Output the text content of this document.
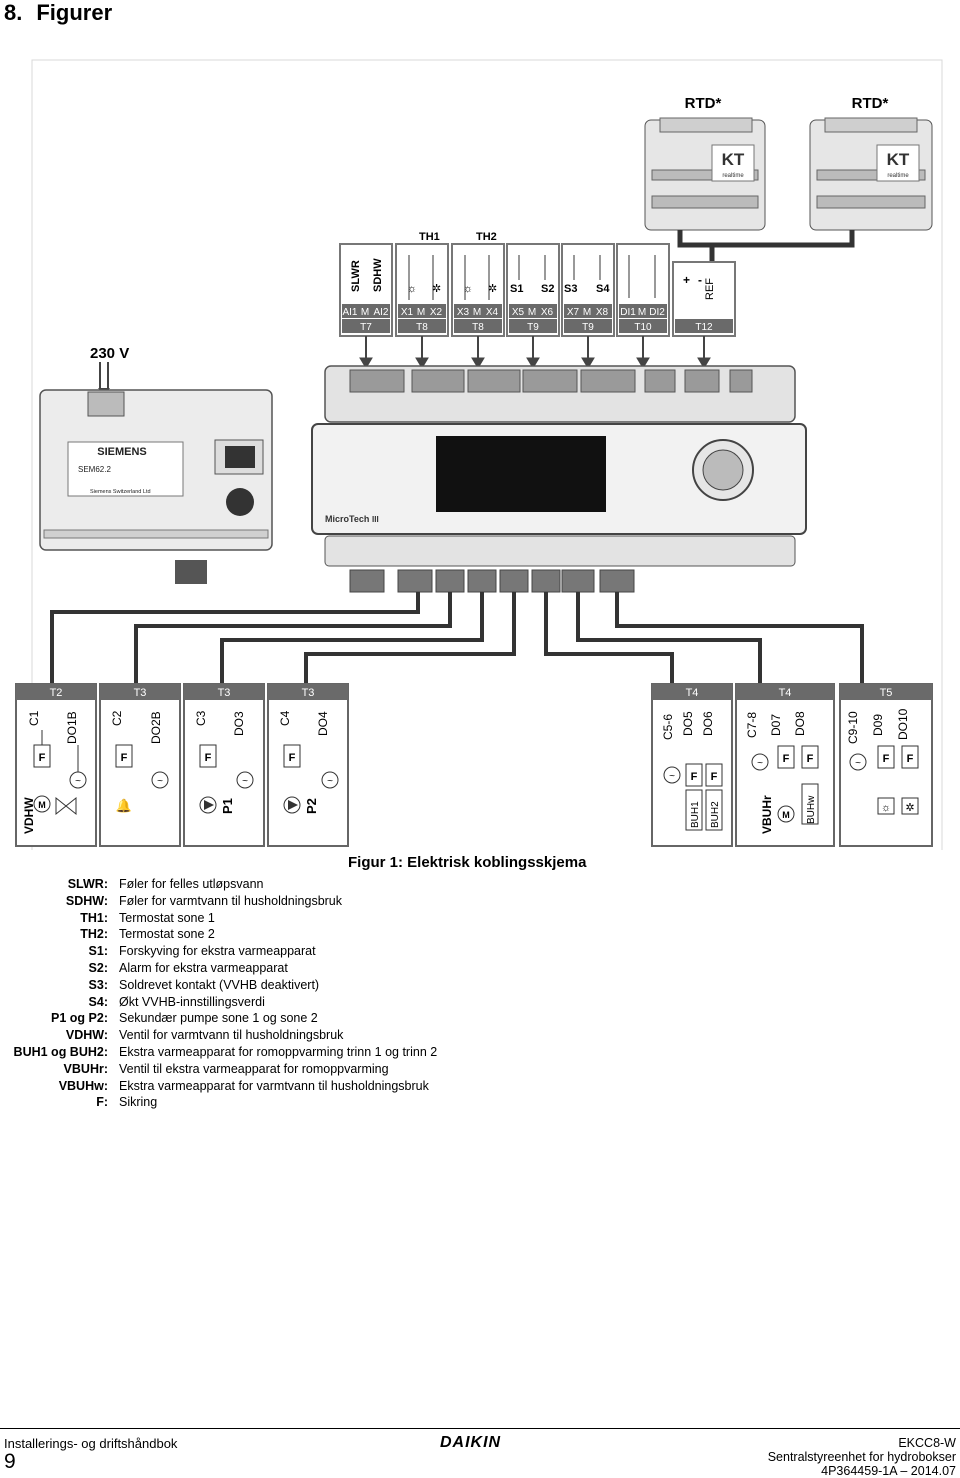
8. Figurer
RTD*
KT
realtime
RTD*
KT
realtime
TH1	TH2
SLWR SDHW
AI1 M AI2
T7
☼ ✲
X1 M X2
T8
☼ ✲
X3 M X4
T8
S1 S2
X5 M X6
T9
S3 S4
X7 M X8
T9
DI1 M DI2
T10
+ - REF
T12
230 V
SIEMENS
SEM62.2
Siemens Switzerland Ltd
MicroTech III
T2
C1 DO1B
F
~
M
VDHW
T3
C2 DO2B
F
~
🔔
T3
C3 DO3
F
~
P1
T3
C4 DO4
F
~
P2
T4
C5-6 DO5 DO6
~ F F
BUH1 BUH2
T4
C7-8 D07 DO8
~ F F
M BUHw
VBUHr
T5
C9-10 D09 DO10
~ F F
☼ ✲
Figur 1: Elektrisk koblingsskjema
SLWR: Føler for felles utløpsvann
SDHW: Føler for varmtvann til husholdningsbruk
TH1: Termostat sone 1
TH2: Termostat sone 2
S1: Forskyving for ekstra varmeapparat
S2: Alarm for ekstra varmeapparat
S3: Soldrevet kontakt (VVHB deaktivert)
S4: Økt VVHB-innstillingsverdi
P1 og P2: Sekundær pumpe sone 1 og sone 2
VDHW: Ventil for varmtvann til husholdningsbruk
BUH1 og BUH2: Ekstra varmeapparat for romoppvarming trinn 1 og trinn 2
VBUHr: Ventil til ekstra varmeapparat for romoppvarming
VBUHw: Ekstra varmeapparat for varmtvann til husholdningsbruk
F: Sikring
Installerings- og driftshåndbok
9
DAIKIN	EKCC8-W
Sentralstyreenhet for hydrobokser
4P364459-1A – 2014.07
